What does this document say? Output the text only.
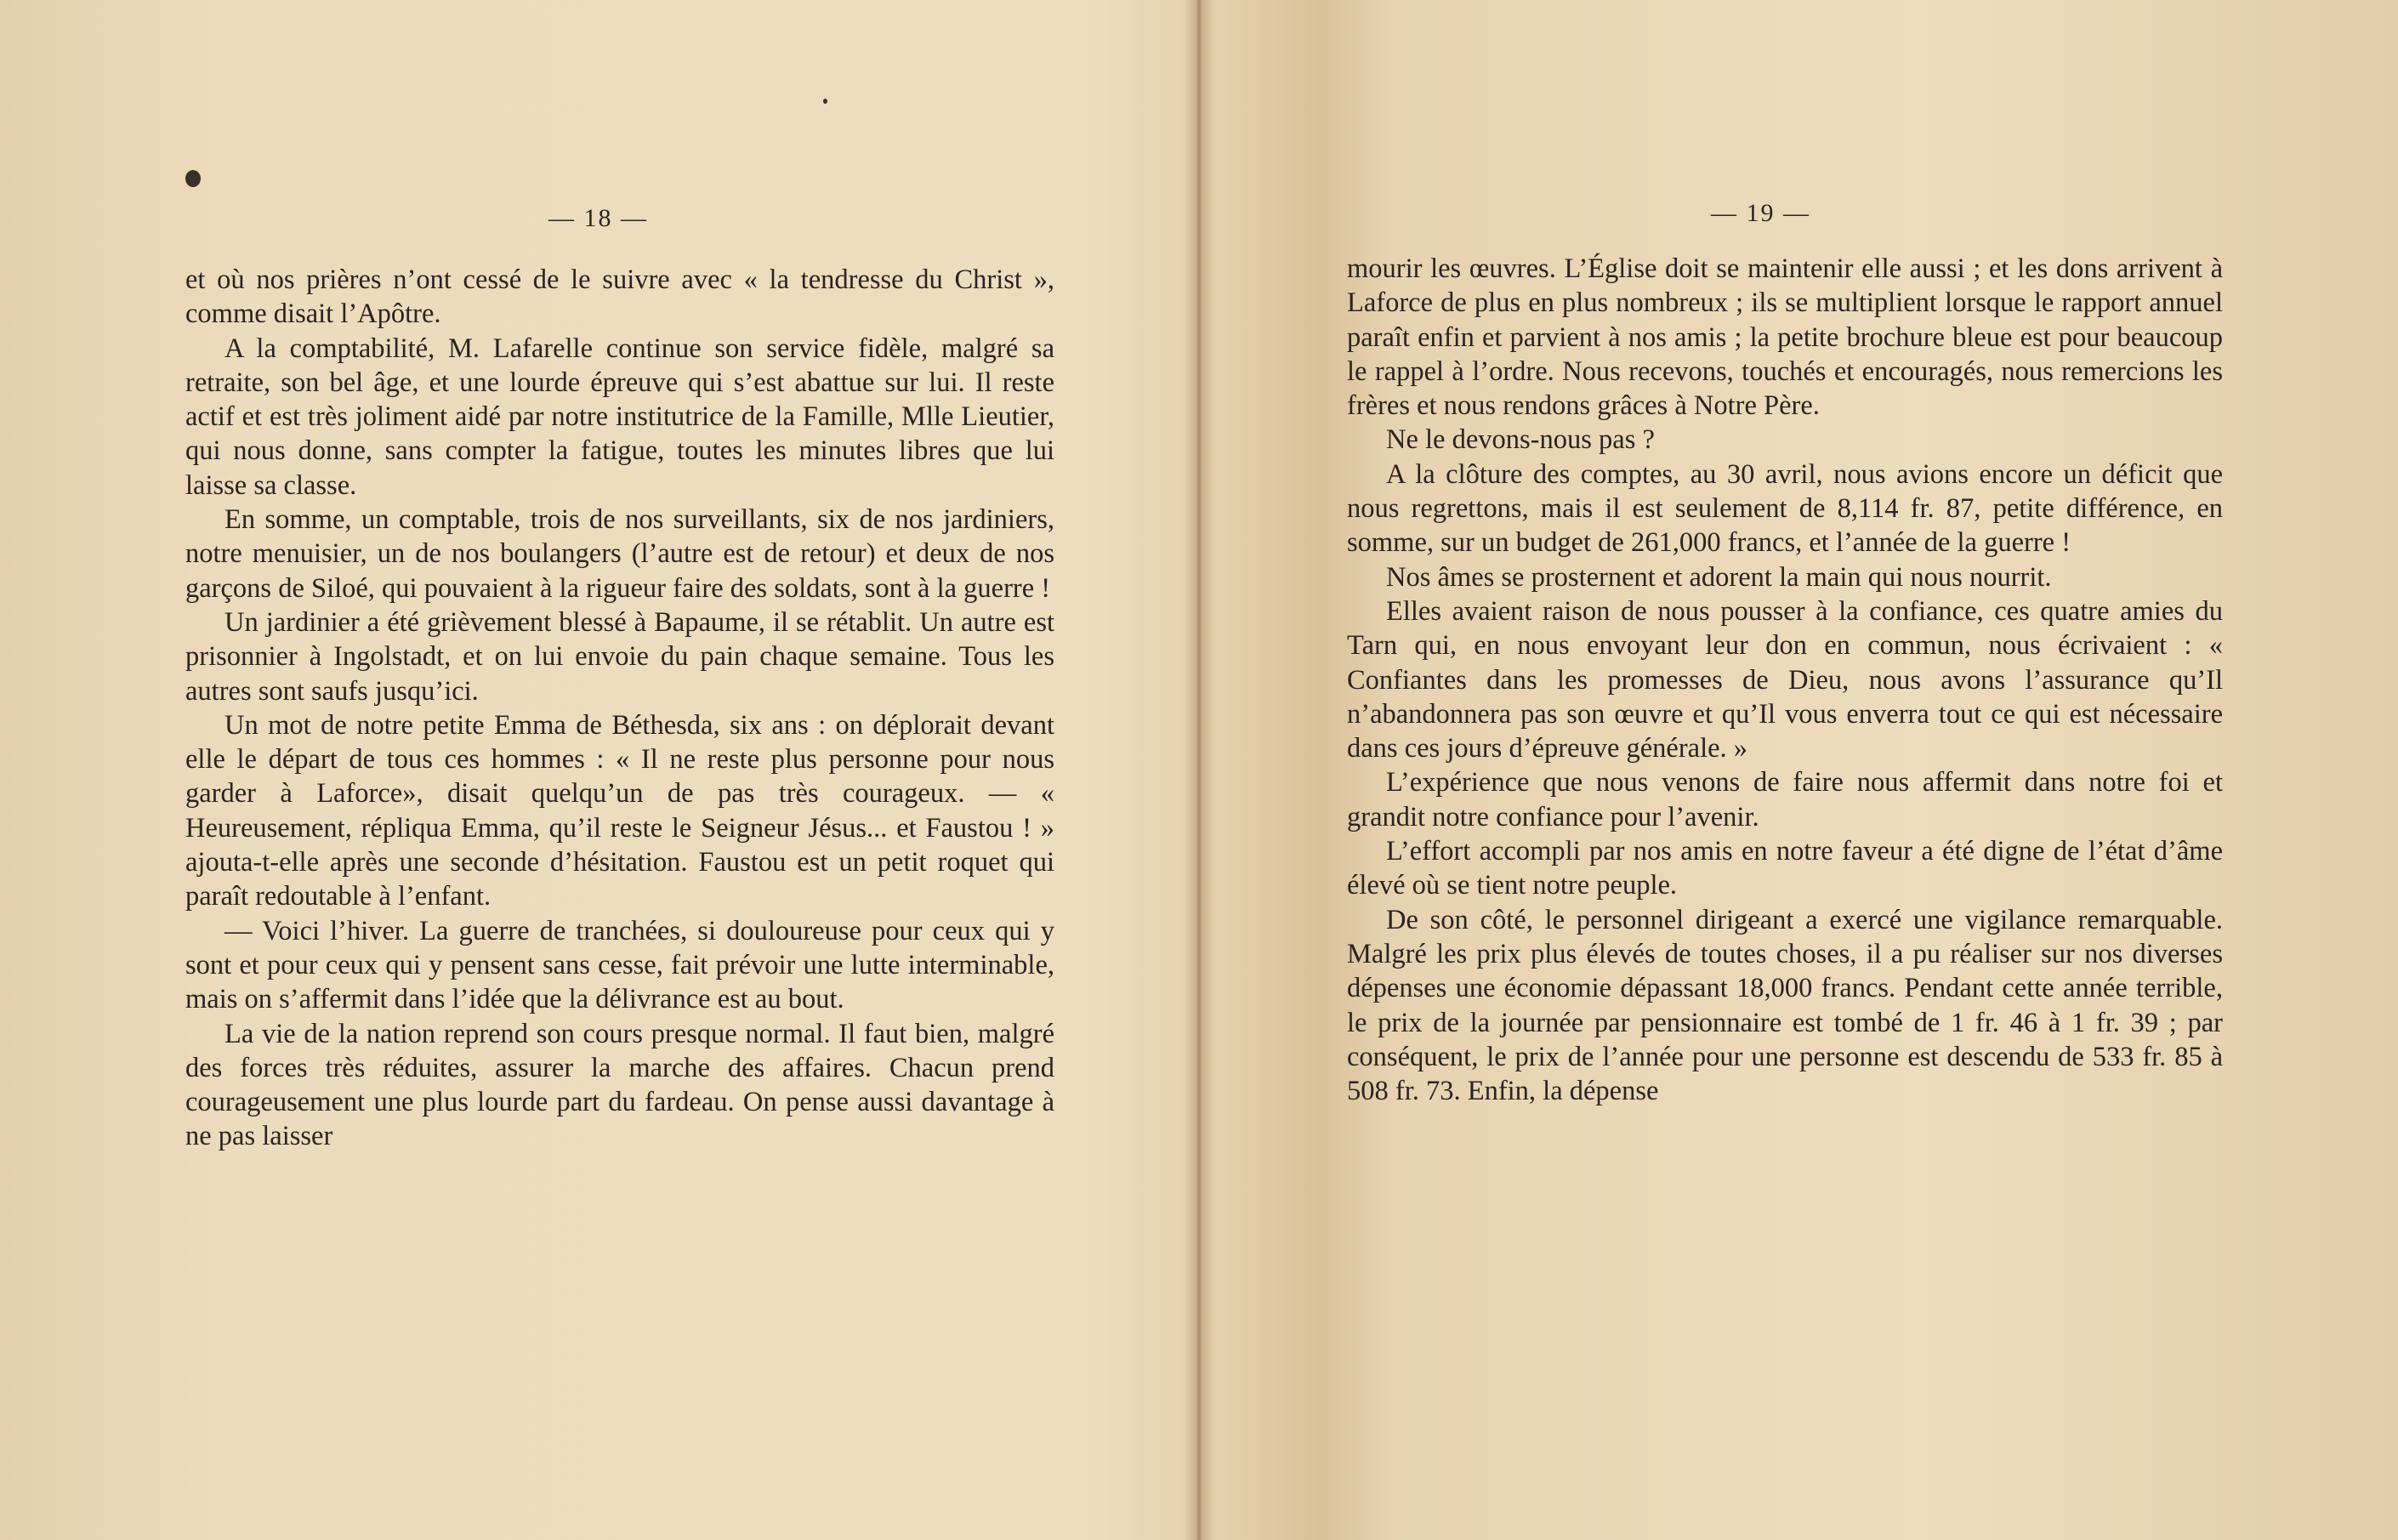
— 18 —

et où nos prières n’ont cessé de le suivre avec « la tendresse du Christ », comme disait l’Apôtre.

A la comptabilité, M. Lafarelle continue son service fidèle, malgré sa retraite, son bel âge, et une lourde épreuve qui s’est abattue sur lui. Il reste actif et est très joliment aidé par notre institutrice de la Famille, Mlle Lieutier, qui nous donne, sans compter la fatigue, toutes les minutes libres que lui laisse sa classe.

En somme, un comptable, trois de nos surveillants, six de nos jardiniers, notre menuisier, un de nos boulangers (l’autre est de retour) et deux de nos garçons de Siloé, qui pouvaient à la rigueur faire des soldats, sont à la guerre !

Un jardinier a été grièvement blessé à Bapaume, il se rétablit. Un autre est prisonnier à Ingolstadt, et on lui envoie du pain chaque semaine. Tous les autres sont saufs jusqu’ici.

Un mot de notre petite Emma de Béthesda, six ans : on déplorait devant elle le départ de tous ces hommes : « Il ne reste plus personne pour nous garder à Laforce», disait quelqu’un de pas très courageux. — « Heureusement, répliqua Emma, qu’il reste le Seigneur Jésus... et Faustou ! » ajouta-t-elle après une seconde d’hésitation. Faustou est un petit roquet qui paraît redoutable à l’enfant.

— Voici l’hiver. La guerre de tranchées, si douloureuse pour ceux qui y sont et pour ceux qui y pensent sans cesse, fait prévoir une lutte interminable, mais on s’affermit dans l’idée que la délivrance est au bout.

La vie de la nation reprend son cours presque normal. Il faut bien, malgré des forces très réduites, assurer la marche des affaires. Chacun prend courageusement une plus lourde part du fardeau. On pense aussi davantage à ne pas laisser

— 19 —

mourir les œuvres. L’Église doit se maintenir elle aussi ; et les dons arrivent à Laforce de plus en plus nombreux ; ils se multiplient lorsque le rapport annuel paraît enfin et parvient à nos amis ; la petite brochure bleue est pour beaucoup le rappel à l’ordre. Nous recevons, touchés et encouragés, nous remercions les frères et nous rendons grâces à Notre Père.

Ne le devons-nous pas ?

A la clôture des comptes, au 30 avril, nous avions encore un déficit que nous regrettons, mais il est seulement de 8,114 fr. 87, petite différence, en somme, sur un budget de 261,000 francs, et l’année de la guerre !

Nos âmes se prosternent et adorent la main qui nous nourrit.

Elles avaient raison de nous pousser à la confiance, ces quatre amies du Tarn qui, en nous envoyant leur don en commun, nous écrivaient : « Confiantes dans les promesses de Dieu, nous avons l’assurance qu’Il n’abandonnera pas son œuvre et qu’Il vous enverra tout ce qui est nécessaire dans ces jours d’épreuve générale. »

L’expérience que nous venons de faire nous affermit dans notre foi et grandit notre confiance pour l’avenir.

L’effort accompli par nos amis en notre faveur a été digne de l’état d’âme élevé où se tient notre peuple.

De son côté, le personnel dirigeant a exercé une vigilance remarquable. Malgré les prix plus élevés de toutes choses, il a pu réaliser sur nos diverses dépenses une économie dépassant 18,000 francs. Pendant cette année terrible, le prix de la journée par pensionnaire est tombé de 1 fr. 46 à 1 fr. 39 ; par conséquent, le prix de l’année pour une personne est descendu de 533 fr. 85 à 508 fr. 73. Enfin, la dépense
